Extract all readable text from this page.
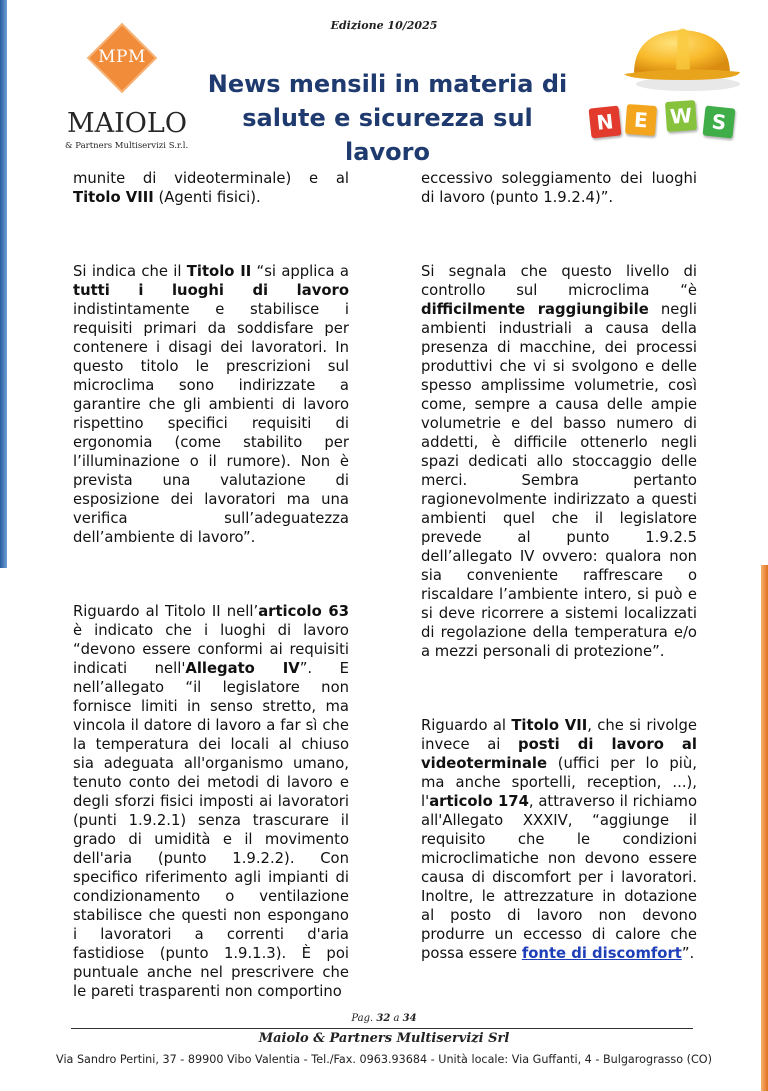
Edizione 10/2025
MPM
MAIOLO
& Partners Multiservizi S.r.l.
News mensili in materia di
salute e sicurezza sul lavoro
N E	W S

munite di videoterminale) e al Titolo VIII (Agenti fisici).

Si indica che il Titolo II “si applica a tutti i luoghi di lavoro indistintamente e stabilisce i requisiti primari da soddisfare per contenere i disagi dei lavoratori. In questo titolo le prescrizioni sul microclima sono indirizzate a garantire che gli ambienti di lavoro rispettino specifici requisiti di ergonomia (come stabilito per l’illuminazione o il rumore). Non è prevista una valutazione di esposizione dei lavoratori ma una verifica sull’adeguatezza dell’ambiente di lavoro”.

Riguardo al Titolo II nell’articolo 63 è indicato che i luoghi di lavoro “devono essere conformi ai requisiti indicati nell'Allegato IV”. E nell’allegato “il legislatore non fornisce limiti in senso stretto, ma vincola il datore di lavoro a far sì che la temperatura dei locali al chiuso sia adeguata all'organismo umano, tenuto conto dei metodi di lavoro e degli sforzi fisici imposti ai lavoratori (punti 1.9.2.1) senza trascurare il grado di umidità e il movimento dell'aria (punto 1.9.2.2). Con specifico riferimento agli impianti di condizionamento o ventilazione stabilisce che questi non espongano i lavoratori a correnti d'aria fastidiose (punto 1.9.1.3). È poi puntuale anche nel prescrivere che le pareti trasparenti non comportino

eccessivo soleggiamento dei luoghi di lavoro (punto 1.9.2.4)”.

Si segnala che questo livello di controllo sul microclima “è difficilmente raggiungibile negli ambienti industriali a causa della presenza di macchine, dei processi produttivi che vi si svolgono e delle spesso amplissime volumetrie, così come, sempre a causa delle ampie volumetrie e del basso numero di addetti, è difficile ottenerlo negli spazi dedicati allo stoccaggio delle merci. Sembra pertanto ragionevolmente indirizzato a questi ambienti quel che il legislatore prevede al punto 1.9.2.5 dell’allegato IV ovvero: qualora non sia conveniente raffrescare o riscaldare l’ambiente intero, si può e si deve ricorrere a sistemi localizzati di regolazione della temperatura e/o a mezzi personali di protezione”.

Riguardo al Titolo VII, che si rivolge invece ai posti di lavoro al videoterminale (uffici per lo più, ma anche sportelli, reception, ...), l'articolo 174, attraverso il richiamo all'Allegato XXXIV, “aggiunge il requisito che le condizioni microclimatiche non devono essere causa di discomfort per i lavoratori. Inoltre, le attrezzature in dotazione al posto di lavoro non devono produrre un eccesso di calore che possa essere fonte di discomfort”.

Pag. 32 a 34
Maiolo & Partners Multiservizi Srl
Via Sandro Pertini, 37 - 89900 Vibo Valentia - Tel./Fax. 0963.93684 - Unità locale: Via Guffanti, 4 - Bulgarograsso (CO)
